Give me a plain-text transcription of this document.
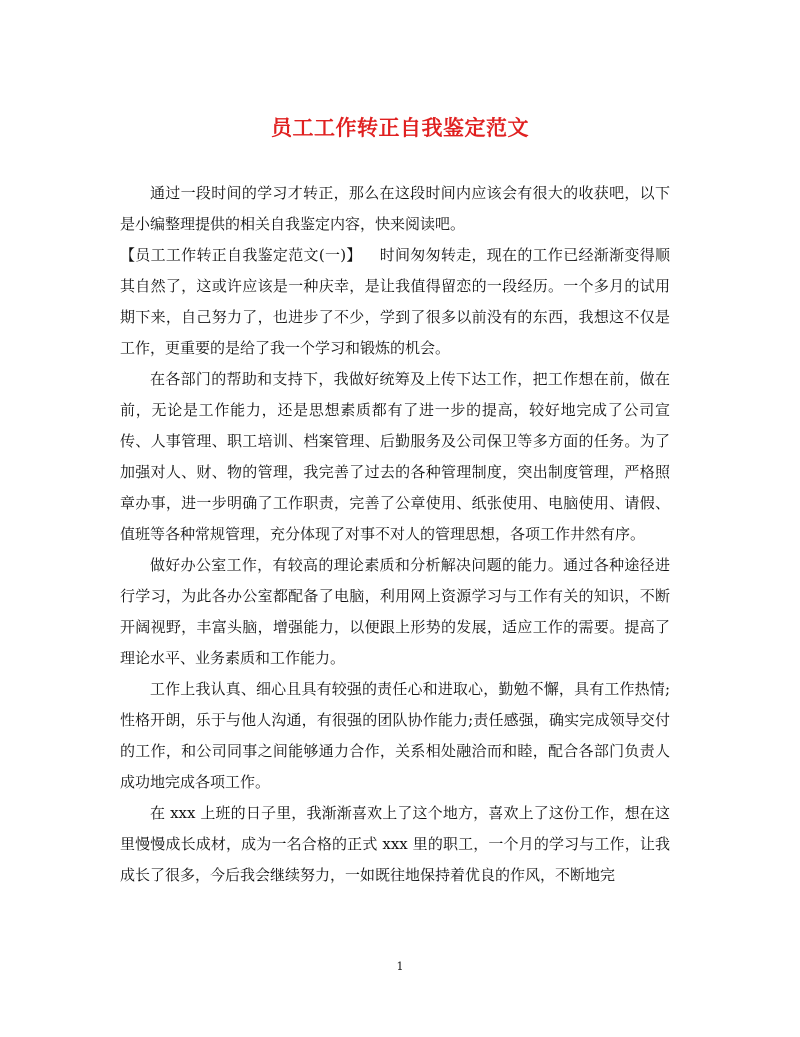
员工工作转正自我鉴定范文

通过一段时间的学习才转正，那么在这段时间内应该会有很大的收获吧，以下是小编整理提供的相关自我鉴定内容，快来阅读吧。

【员工工作转正自我鉴定范文(一)】 时间匆匆转走，现在的工作已经渐渐变得顺其自然了，这或许应该是一种庆幸，是让我值得留恋的一段经历。一个多月的试用期下来，自己努力了，也进步了不少，学到了很多以前没有的东西，我想这不仅是工作，更重要的是给了我一个学习和锻炼的机会。

在各部门的帮助和支持下，我做好统筹及上传下达工作，把工作想在前，做在前，无论是工作能力，还是思想素质都有了进一步的提高，较好地完成了公司宣传、人事管理、职工培训、档案管理、后勤服务及公司保卫等多方面的任务。为了加强对人、财、物的管理，我完善了过去的各种管理制度，突出制度管理，严格照章办事，进一步明确了工作职责，完善了公章使用、纸张使用、电脑使用、请假、值班等各种常规管理，充分体现了对事不对人的管理思想，各项工作井然有序。

做好办公室工作，有较高的理论素质和分析解决问题的能力。通过各种途径进行学习，为此各办公室都配备了电脑，利用网上资源学习与工作有关的知识，不断开阔视野，丰富头脑，增强能力，以便跟上形势的发展，适应工作的需要。提高了理论水平、业务素质和工作能力。

工作上我认真、细心且具有较强的责任心和进取心，勤勉不懈，具有工作热情;性格开朗，乐于与他人沟通，有很强的团队协作能力;责任感强，确实完成领导交付的工作，和公司同事之间能够通力合作，关系相处融洽而和睦，配合各部门负责人成功地完成各项工作。

在 xxx 上班的日子里，我渐渐喜欢上了这个地方，喜欢上了这份工作，想在这里慢慢成长成材，成为一名合格的正式 xxx 里的职工，一个月的学习与工作，让我成长了很多，今后我会继续努力，一如既往地保持着优良的作风，不断地完

1
